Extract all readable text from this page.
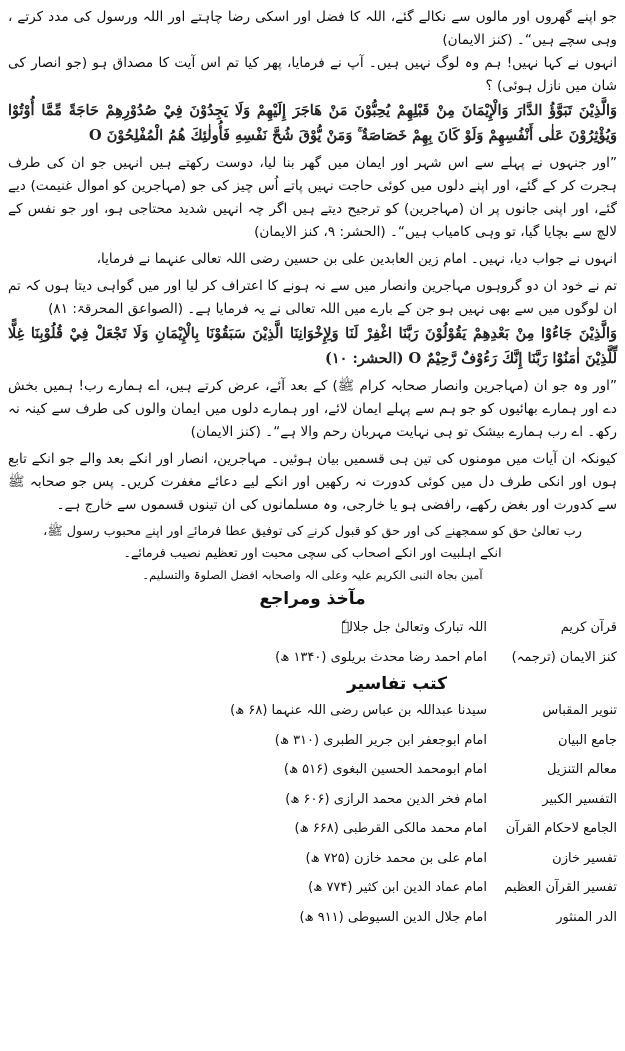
جو اپنے گھروں اور مالوں سے نکالے گئے، اللہ کا فضل اور اسکی رضا چاہتے اور اللہ ورسول کی مدد کرتے ، وہی سچے ہیں“۔ (کنز الایمان)

انہوں نے کہا نہیں! ہم وہ لوگ نہیں ہیں۔ آپ نے فرمایا، پھر کیا تم اس آیت کا مصداق ہو (جو انصار کی شان میں نازل ہوئی) ؟

وَالَّذِيْنَ تَبَوَّؤُ الدَّارَ وَالْإِيْمَانَ مِنْ قَبْلِهِمْ يُحِبُّوْنَ مَنْ هَاجَرَ إِلَيْهِمْ وَلَا يَجِدُوْنَ فِيْ صُدُوْرِهِمْ حَاجَةً مِّمَّا أُوْتُوْا وَيُؤْثِرُوْنَ عَلٰى أَنْفُسِهِمْ وَلَوْ كَانَ بِهِمْ خَصَاصَةٌ ۚ وَمَنْ يُّوْقَ شُحَّ نَفْسِهِ فَأُولٰئِكَ هُمُ الْمُفْلِحُوْنَ O

”اور جنہوں نے پہلے سے اس شہر اور ایمان میں گھر بنا لیا، دوست رکھتے ہیں انہیں جو ان کی طرف ہجرت کر کے گئے، اور اپنے دلوں میں کوئی حاجت نہیں پاتے اُس چیز کی جو (مہاجرین کو اموال غنیمت) دیے گئے، اور اپنی جانوں پر ان (مہاجرین) کو ترجیح دیتے ہیں اگر چہ انہیں شدید محتاجی ہو، اور جو نفس کے لالچ سے بچایا گیا، تو وہی کامیاب ہیں“۔ (الحشر: ۹، کنز الایمان)

انہوں نے جواب دیا، نہیں۔ امام زین العابدین علی بن حسین رضی اللہ تعالی عنہما نے فرمایا،

تم نے خود ان دو گروہوں مہاجرین وانصار میں سے نہ ہونے کا اعتراف کر لیا اور میں گواہی دیتا ہوں کہ تم ان لوگوں میں سے بھی نہیں ہو جن کے بارے میں اللہ تعالی نے یہ فرمایا ہے۔ (الصواعق المحرقۃ: ۸۱)

وَالَّذِيْنَ جَاءُوْا مِنْ بَعْدِهِمْ يَقُوْلُوْنَ رَبَّنَا اغْفِرْ لَنَا وَلِإِخْوَانِنَا الَّذِيْنَ سَبَقُوْنَا بِالْإِيْمَانِ وَلَا تَجْعَلْ فِيْ قُلُوْبِنَا غِلًّا لِّلَّذِيْنَ اٰمَنُوْا رَبَّنَا إِنَّكَ رَءُوْفٌ رَّحِيْمٌ O (الحشر: ۱۰)

”اور وہ جو ان (مہاجرین وانصار صحابہ کرام ﷺ) کے بعد آئے، عرض کرتے ہیں، اے ہمارے رب! ہمیں بخش دے اور ہمارے بھائیوں کو جو ہم سے پہلے ایمان لائے، اور ہمارے دلوں میں ایمان والوں کی طرف سے کینہ نہ رکھ۔ اے رب ہمارے بیشک تو ہی نہایت مہربان رحم والا ہے“۔ (کنز الایمان)

کیونکہ ان آیات میں مومنوں کی تین ہی قسمیں بیان ہوئیں۔ مہاجرین، انصار اور انکے بعد والے جو انکے تابع ہوں اور انکی طرف دل میں کوئی کدورت نہ رکھیں اور انکے لیے دعائے مغفرت کریں۔ پس جو صحابہ ﷺ سے کدورت اور بغض رکھے، رافضی ہو یا خارجی، وہ مسلمانوں کی ان تینوں قسموں سے خارج ہے۔

رب تعالیٰ حق کو سمجھنے کی اور حق کو قبول کرنے کی توفیق عطا فرمائے اور اپنے محبوب رسول ﷺ،

انکے اہلبیت اور انکے اصحاب کی سچی محبت اور تعظیم نصیب فرمائے۔

آمین بجاہ النبی الکریم علیہ وعلی الہ واصحابہ افضل الصلوۃ والتسلیم۔

مآخذ ومراجع
قرآن کریم
اللہ تبارک وتعالیٰ جل جلالہٗ
کنز الایمان (ترجمہ)
امام احمد رضا محدث بریلوی (۱۳۴۰ ھ)
کتب تفاسیر
تنویر المقباس
سیدنا عبداللہ بن عباس رضی اللہ عنہما (۶۸ ھ)
جامع البیان
امام ابوجعفر ابن جریر الطبری (۳۱۰ ھ)
معالم التنزیل
امام ابومحمد الحسین البغوی (۵۱۶ ھ)
التفسیر الکبیر
امام فخر الدین محمد الرازی (۶۰۶ ھ)
الجامع لاحکام القرآن
امام محمد مالکی القرطبی (۶۶۸ ھ)
تفسیر خازن
امام علی بن محمد خازن (۷۲۵ ھ)
تفسیر القرآن العظیم
امام عماد الدین ابن کثیر (۷۷۴ ھ)
الدر المنثور
امام جلال الدین السیوطی (۹۱۱ ھ)
